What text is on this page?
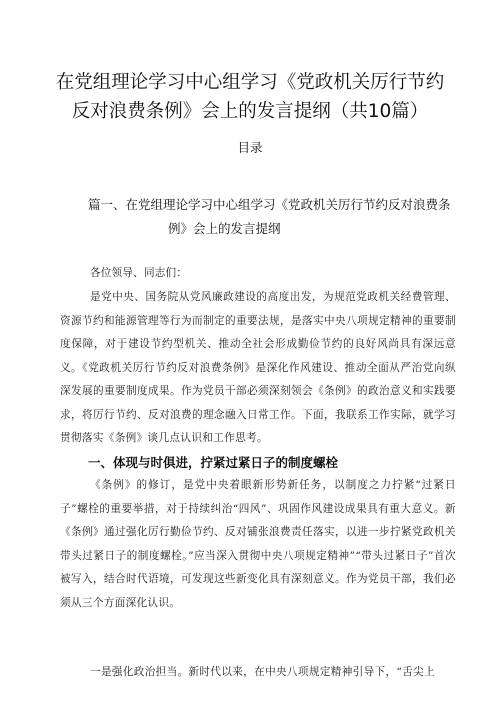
在党组理论学习中心组学习《党政机关厉行节约
反对浪费条例》会上的发言提纲（共10篇）
目录
篇一、在党组理论学习中心组学习《党政机关厉行节约反对浪费条
例》会上的发言提纲
各位领导、同志们：

是党中央、国务院从党风廉政建设的高度出发，为规范党政机关经费管理、资源节约和能源管理等行为而制定的重要法规，是落实中央八项规定精神的重要制度保障，对于建设节约型机关、推动全社会形成勤俭节约的良好风尚具有深远意义。《党政机关厉行节约反对浪费条例》是深化作风建设、推动全面从严治党向纵深发展的重要制度成果。作为党员干部必须深刻领会《条例》的政治意义和实践要求，将厉行节约、反对浪费的理念融入日常工作。下面，我联系工作实际，就学习贯彻落实《条例》谈几点认识和工作思考。

一、体现与时俱进，拧紧过紧日子的制度螺栓

《条例》的修订，是党中央着眼新形势新任务，以制度之力拧紧“过紧日子”螺栓的重要举措，对于持续纠治“四风”、巩固作风建设成果具有重大意义。新《条例》通过强化厉行勤俭节约、反对铺张浪费责任落实，以进一步拧紧党政机关带头过紧日子的制度螺栓。”应当深入贯彻中央八项规定精神”“带头过紧日子”首次被写入，结合时代语境，可发现这些新变化具有深刻意义。作为党员干部，我们必须从三个方面深化认识。

一是强化政治担当。新时代以来，在中央八项规定精神引导下，“舌尖上
